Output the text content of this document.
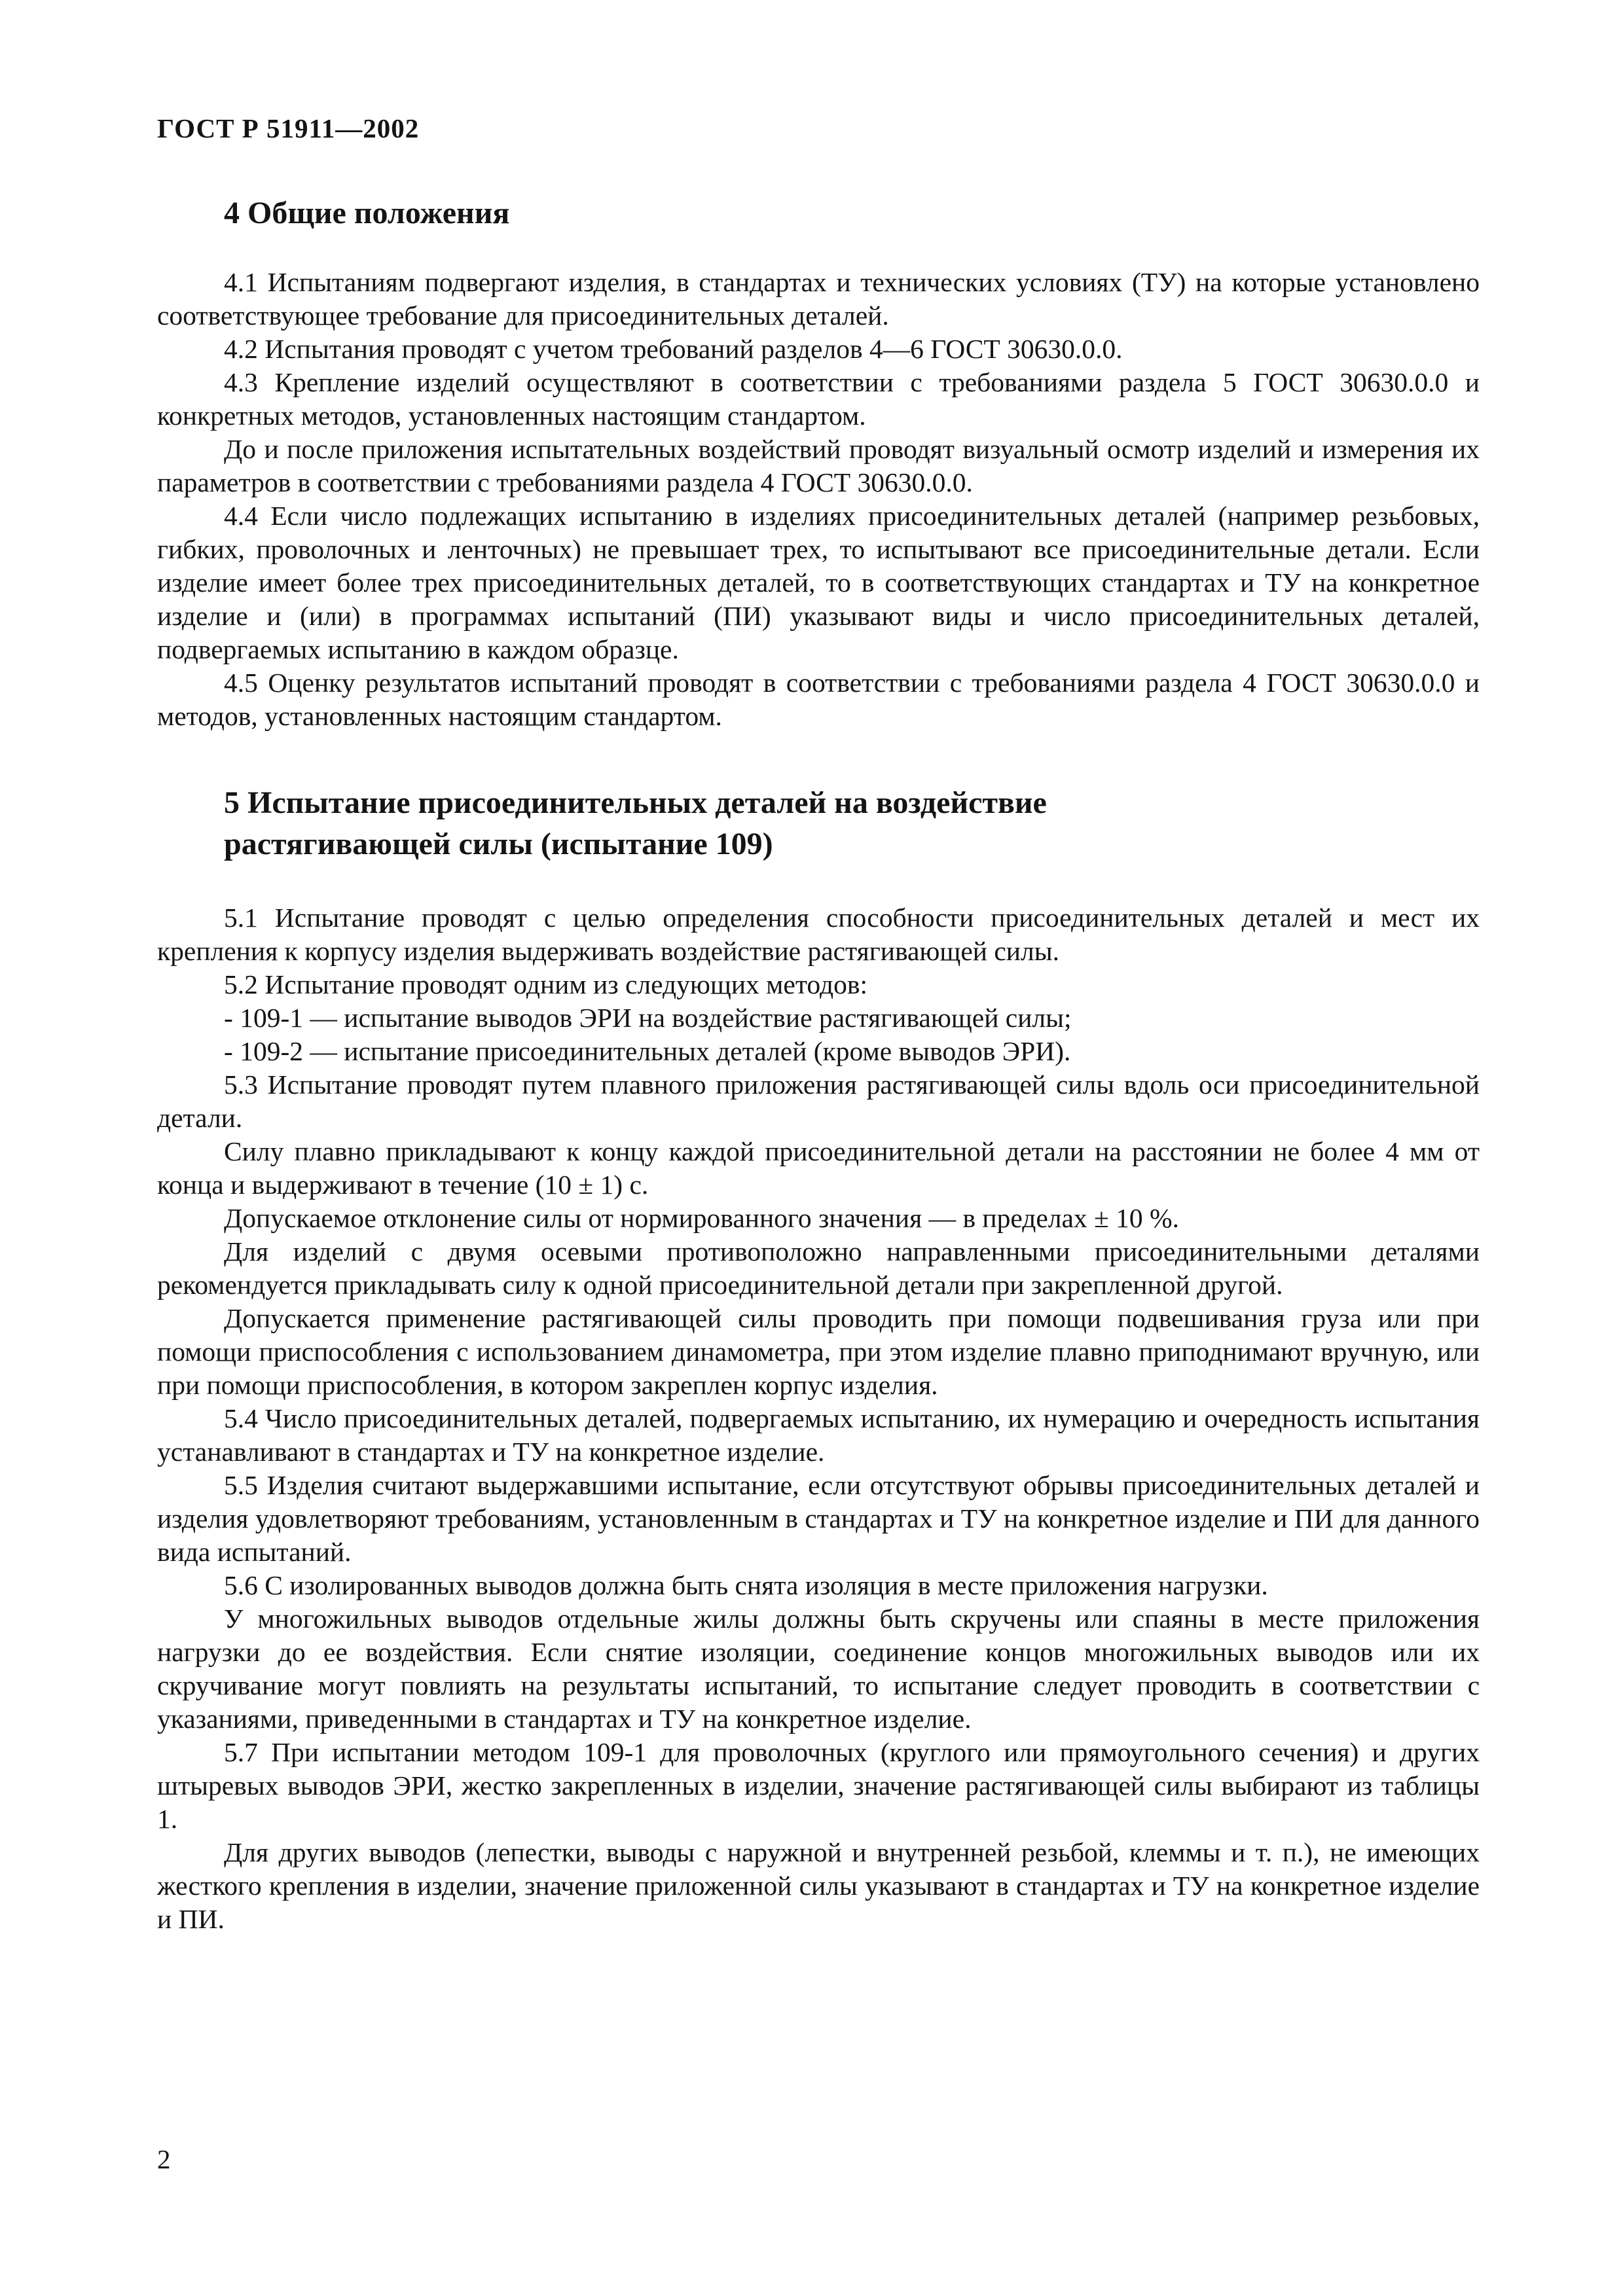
ГОСТ Р 51911—2002
4 Общие положения

4.1 Испытаниям подвергают изделия, в стандартах и технических условиях (ТУ) на которые установлено соответствующее требование для присоединительных деталей.

4.2 Испытания проводят с учетом требований разделов 4—6 ГОСТ 30630.0.0.

4.3 Крепление изделий осуществляют в соответствии с требованиями раздела 5 ГОСТ 30630.0.0 и конкретных методов, установленных настоящим стандартом.

До и после приложения испытательных воздействий проводят визуальный осмотр изделий и измерения их параметров в соответствии с требованиями раздела 4 ГОСТ 30630.0.0.

4.4 Если число подлежащих испытанию в изделиях присоединительных деталей (например резьбовых, гибких, проволочных и ленточных) не превышает трех, то испытывают все присоединительные детали. Если изделие имеет более трех присоединительных деталей, то в соответствующих стандартах и ТУ на конкретное изделие и (или) в программах испытаний (ПИ) указывают виды и число присоединительных деталей, подвергаемых испытанию в каждом образце.

4.5 Оценку результатов испытаний проводят в соответствии с требованиями раздела 4 ГОСТ 30630.0.0 и методов, установленных настоящим стандартом.

5 Испытание присоединительных деталей на воздействие
растягивающей силы (испытание 109)

5.1 Испытание проводят с целью определения способности присоединительных деталей и мест их крепления к корпусу изделия выдерживать воздействие растягивающей силы.

5.2 Испытание проводят одним из следующих методов:

- 109-1 — испытание выводов ЭРИ на воздействие растягивающей силы;

- 109-2 — испытание присоединительных деталей (кроме выводов ЭРИ).

5.3 Испытание проводят путем плавного приложения растягивающей силы вдоль оси присоединительной детали.

Силу плавно прикладывают к концу каждой присоединительной детали на расстоянии не более 4 мм от конца и выдерживают в течение (10 ± 1) с.

Допускаемое отклонение силы от нормированного значения — в пределах ± 10 %.

Для изделий с двумя осевыми противоположно направленными присоединительными деталями рекомендуется прикладывать силу к одной присоединительной детали при закрепленной другой.

Допускается применение растягивающей силы проводить при помощи подвешивания груза или при помощи приспособления с использованием динамометра, при этом изделие плавно приподнимают вручную, или при помощи приспособления, в котором закреплен корпус изделия.

5.4 Число присоединительных деталей, подвергаемых испытанию, их нумерацию и очередность испытания устанавливают в стандартах и ТУ на конкретное изделие.

5.5 Изделия считают выдержавшими испытание, если отсутствуют обрывы присоединительных деталей и изделия удовлетворяют требованиям, установленным в стандартах и ТУ на конкретное изделие и ПИ для данного вида испытаний.

5.6 С изолированных выводов должна быть снята изоляция в месте приложения нагрузки.

У многожильных выводов отдельные жилы должны быть скручены или спаяны в месте приложения нагрузки до ее воздействия. Если снятие изоляции, соединение концов многожильных выводов или их скручивание могут повлиять на результаты испытаний, то испытание следует проводить в соответствии с указаниями, приведенными в стандартах и ТУ на конкретное изделие.

5.7 При испытании методом 109-1 для проволочных (круглого или прямоугольного сечения) и других штыревых выводов ЭРИ, жестко закрепленных в изделии, значение растягивающей силы выбирают из таблицы 1.

Для других выводов (лепестки, выводы с наружной и внутренней резьбой, клеммы и т. п.), не имеющих жесткого крепления в изделии, значение приложенной силы указывают в стандартах и ТУ на конкретное изделие и ПИ.

2
